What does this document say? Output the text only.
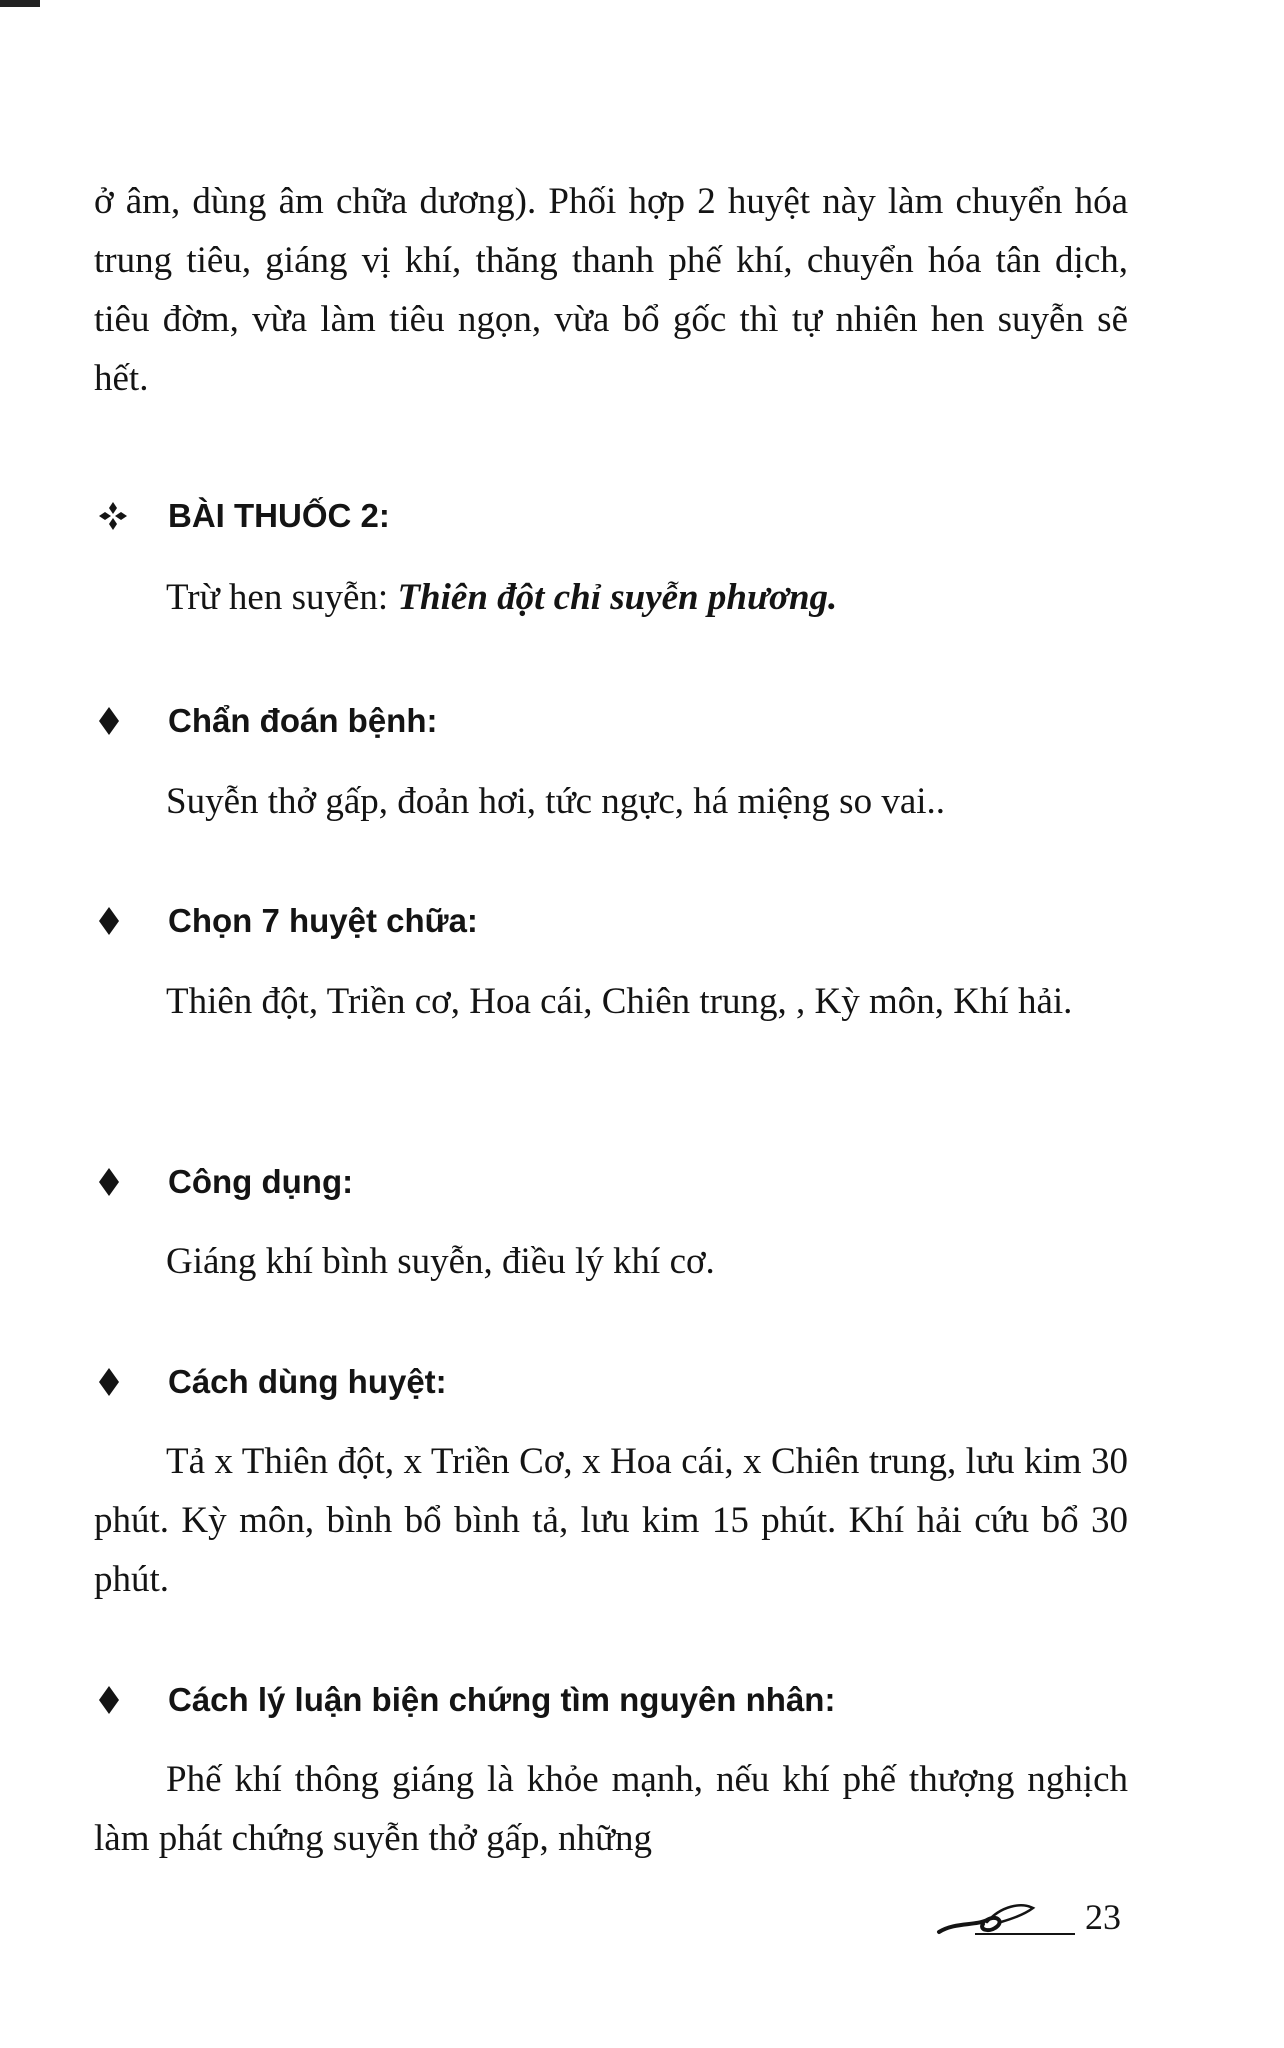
ở âm, dùng âm chữa dương). Phối hợp 2 huyệt này làm chuyển hóa trung tiêu, giáng vị khí, thăng thanh phế khí, chuyển hóa tân dịch, tiêu đờm, vừa làm tiêu ngọn, vừa bổ gốc thì tự nhiên hen suyễn sẽ hết.

BÀI THUỐC 2:

Trừ hen suyễn: Thiên đột chỉ suyễn phương.

Chẩn đoán bệnh:

Suyễn thở gấp, đoản hơi, tức ngực, há miệng so vai..

Chọn 7 huyệt chữa:

Thiên đột, Triền cơ, Hoa cái, Chiên trung, , Kỳ môn, Khí hải.

Công dụng:

Giáng khí bình suyễn, điều lý khí cơ.

Cách dùng huyệt:

Tả x Thiên đột, x Triền Cơ, x Hoa cái, x Chiên trung, lưu kim 30 phút. Kỳ môn, bình bổ bình tả, lưu kim 15 phút. Khí hải cứu bổ 30 phút.

Cách lý luận biện chứng tìm nguyên nhân:

Phế khí thông giáng là khỏe mạnh, nếu khí phế thượng nghịch làm phát chứng suyễn thở gấp, những

23
